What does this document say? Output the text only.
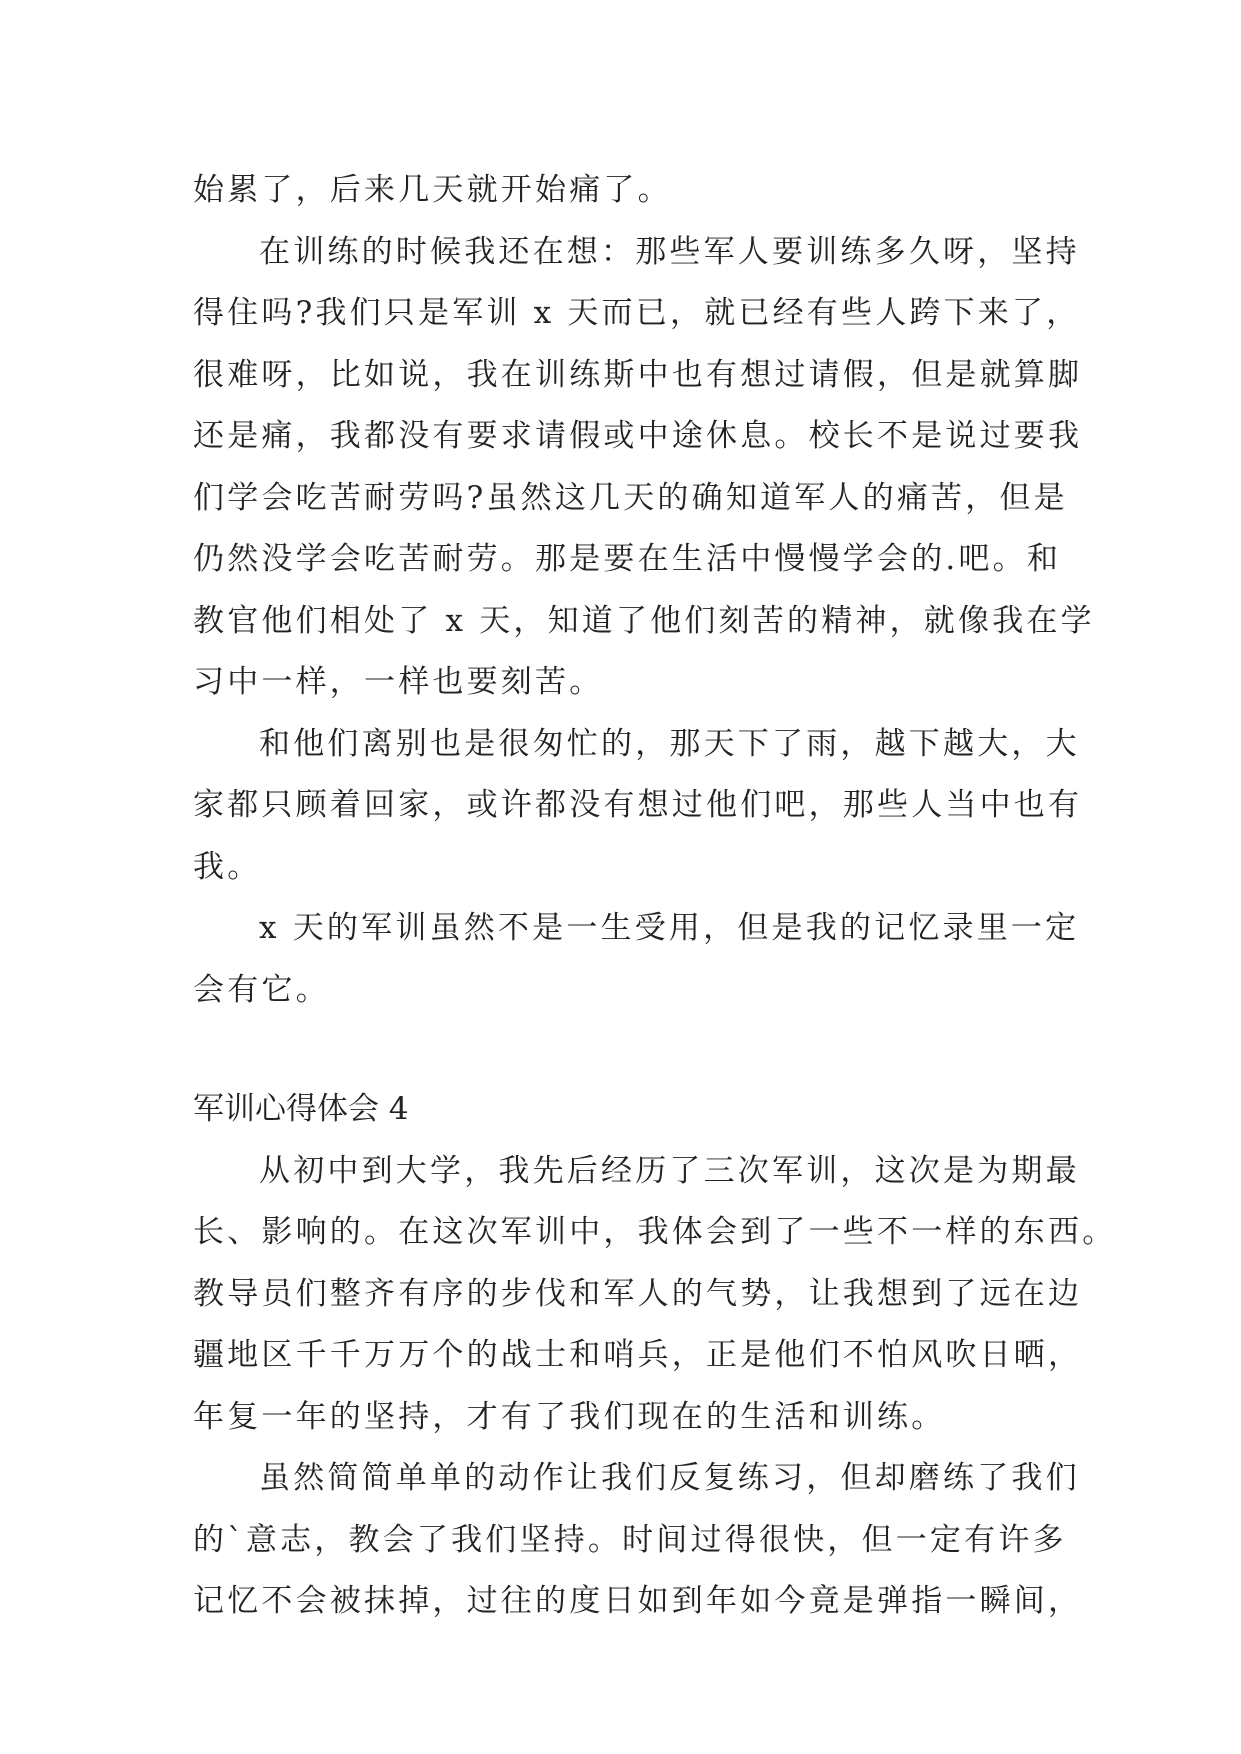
始累了，后来几天就开始痛了。
在训练的时候我还在想：那些军人要训练多久呀，坚持
得住吗?我们只是军训 x 天而已，就已经有些人跨下来了，
很难呀，比如说，我在训练斯中也有想过请假，但是就算脚
还是痛，我都没有要求请假或中途休息。校长不是说过要我
们学会吃苦耐劳吗?虽然这几天的确知道军人的痛苦，但是
仍然没学会吃苦耐劳。那是要在生活中慢慢学会的.吧。和
教官他们相处了 x 天，知道了他们刻苦的精神，就像我在学
习中一样，一样也要刻苦。
和他们离别也是很匆忙的，那天下了雨，越下越大，大
家都只顾着回家，或许都没有想过他们吧，那些人当中也有
我。
x 天的军训虽然不是一生受用，但是我的记忆录里一定
会有它。
军训心得体会 4
从初中到大学，我先后经历了三次军训，这次是为期最
长、影响的。在这次军训中，我体会到了一些不一样的东西。
教导员们整齐有序的步伐和军人的气势，让我想到了远在边
疆地区千千万万个的战士和哨兵，正是他们不怕风吹日晒，
年复一年的坚持，才有了我们现在的生活和训练。
虽然简简单单的动作让我们反复练习，但却磨练了我们
的`意志，教会了我们坚持。时间过得很快，但一定有许多
记忆不会被抹掉，过往的度日如到年如今竟是弹指一瞬间，
